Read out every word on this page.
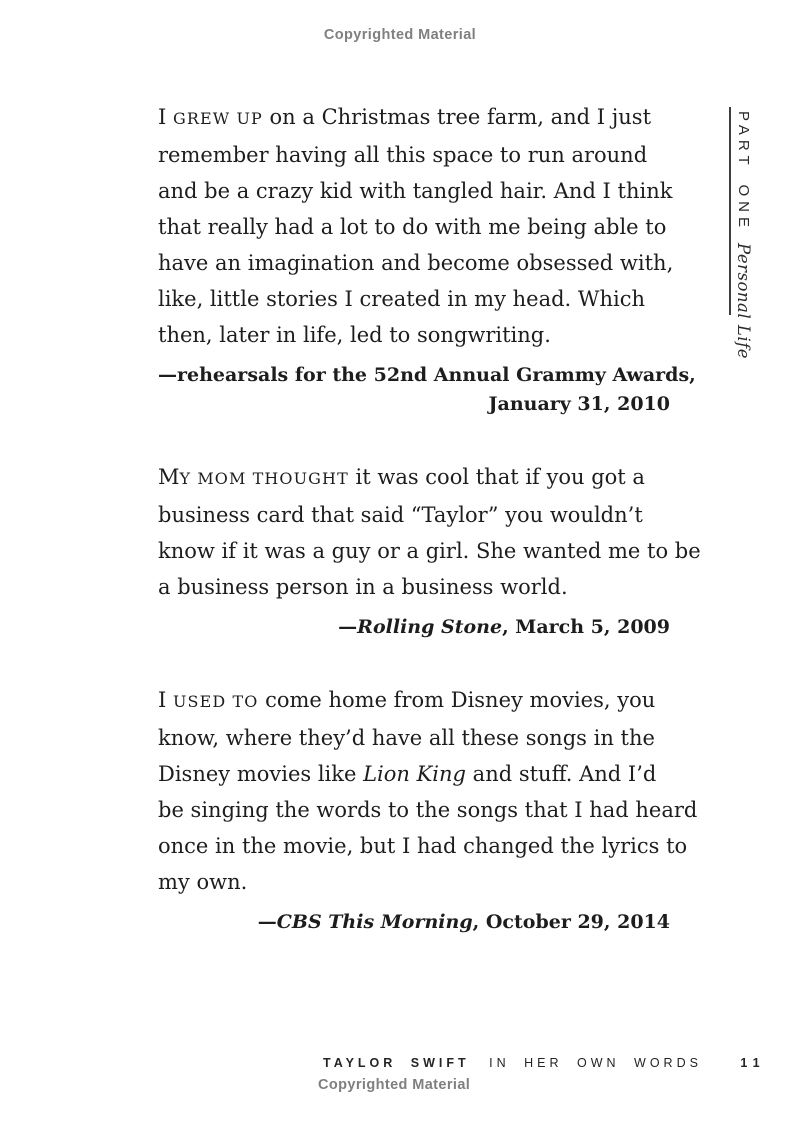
Copyrighted Material

I GREW UP on a Christmas tree farm, and I just
remember having all this space to run around
and be a crazy kid with tangled hair. And I think
that really had a lot to do with me being able to
have an imagination and become obsessed with,
like, little stories I created in my head. Which
then, later in life, led to songwriting.

—rehearsals for the 52nd Annual Grammy Awards,
January 31, 2010

MY MOM THOUGHT it was cool that if you got a
business card that said “Taylor” you wouldn’t
know if it was a guy or a girl. She wanted me to be
a business person in a business world.

—Rolling Stone, March 5, 2009

I USED TO come home from Disney movies, you
know, where they’d have all these songs in the
Disney movies like Lion King and stuff. And I’d
be singing the words to the songs that I had heard
once in the movie, but I had changed the lyrics to
my own.

—CBS This Morning, October 29, 2014

PART ONE Personal Life
TAYLOR SWIFT IN HER OWN WORDS	11
Copyrighted Material
